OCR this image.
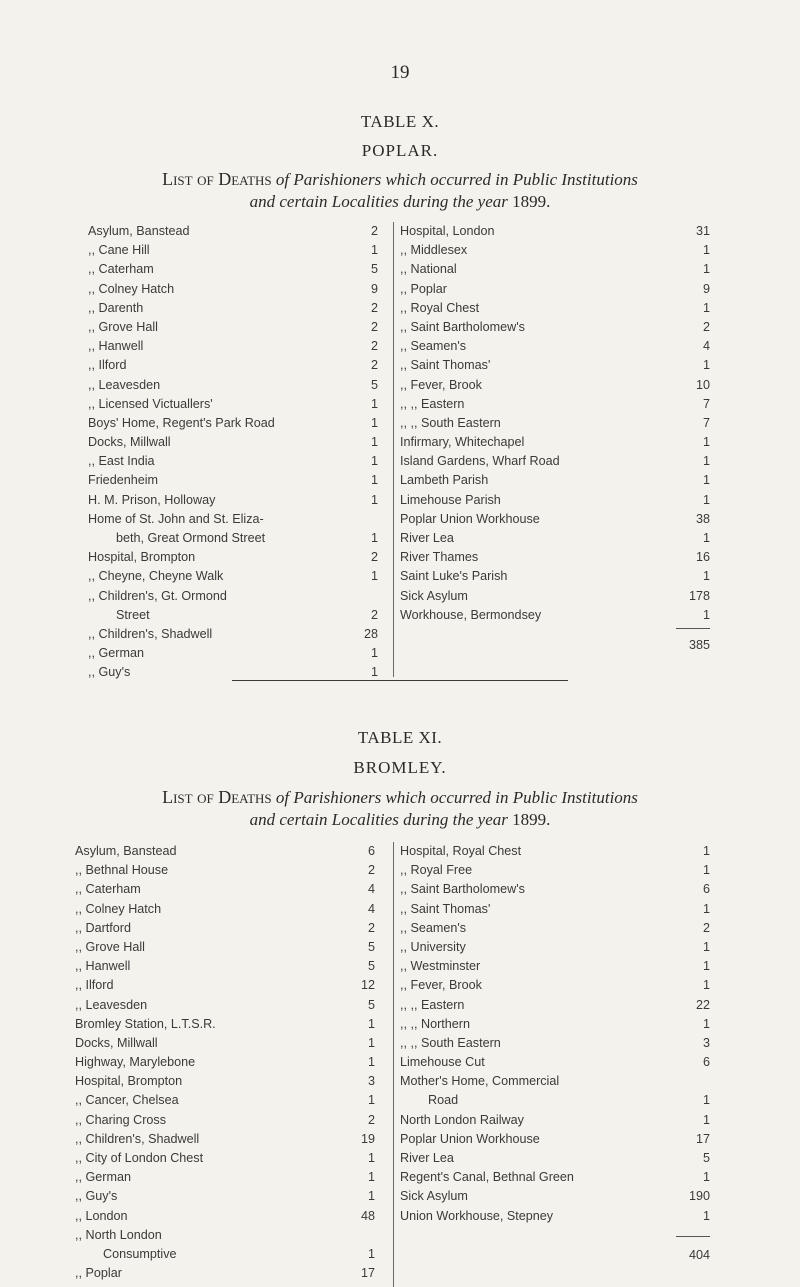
19
TABLE X.
POPLAR.
List of Deaths of Parishioners which occurred in Public Institutions
and certain Localities during the year 1899.
Asylum, Banstead	2
,, Cane Hill	1
,, Caterham	5
,, Colney Hatch	9
,, Darenth	2
,, Grove Hall	2
,, Hanwell	2
,, Ilford	2
,, Leavesden	5
,, Licensed Victuallers'	1
Boys' Home, Regent's Park Road	1
Docks, Millwall	1
,, East India	1
Friedenheim	1
H. M. Prison, Holloway	1
Home of St. John and St. Eliza-
beth, Great Ormond Street	1
Hospital, Brompton	2
,, Cheyne, Cheyne Walk	1
,, Children's, Gt. Ormond
Street	2
,, Children's, Shadwell	28
,, German	1
,, Guy's	1
Hospital, London	31
,, Middlesex	1
,, National	1
,, Poplar	9
,, Royal Chest	1
,, Saint Bartholomew's	2
,, Seamen's	4
,, Saint Thomas'	1
,, Fever, Brook	10
,, ,, Eastern	7
,, ,, South Eastern	7
Infirmary, Whitechapel	1
Island Gardens, Wharf Road	1
Lambeth Parish	1
Limehouse Parish	1
Poplar Union Workhouse	38
River Lea	1
River Thames	16
Saint Luke's Parish	1
Sick Asylum	178
Workhouse, Bermondsey	1
385
TABLE XI.
BROMLEY.
List of Deaths of Parishioners which occurred in Public Institutions
and certain Localities during the year 1899.
Asylum, Banstead	6
,, Bethnal House	2
,, Caterham	4
,, Colney Hatch	4
,, Dartford	2
,, Grove Hall	5
,, Hanwell	5
,, Ilford	12
,, Leavesden	5
Bromley Station, L.T.S.R.	1
Docks, Millwall	1
Highway, Marylebone	1
Hospital, Brompton	3
,, Cancer, Chelsea	1
,, Charing Cross	2
,, Children's, Shadwell	19
,, City of London Chest	1
,, German	1
,, Guy's	1
,, London	48
,, North London
Consumptive	1
,, Poplar	17
Hospital, Royal Chest	1
,, Royal Free	1
,, Saint Bartholomew's	6
,, Saint Thomas'	1
,, Seamen's	2
,, University	1
,, Westminster	1
,, Fever, Brook	1
,, ,, Eastern	22
,, ,, Northern	1
,, ,, South Eastern	3
Limehouse Cut	6
Mother's Home, Commercial
Road	1
North London Railway	1
Poplar Union Workhouse	17
River Lea	5
Regent's Canal, Bethnal Green	1
Sick Asylum	190
Union Workhouse, Stepney	1
404
